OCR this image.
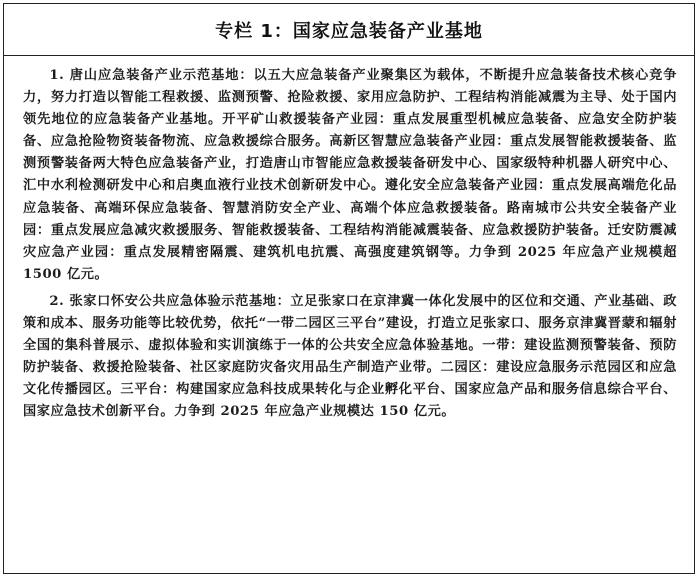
专栏 1：国家应急装备产业基地

1. 唐山应急装备产业示范基地：以五大应急装备产业聚集区为载体，不断提升应急装备技术核心竞争力，努力打造以智能工程救援、监测预警、抢险救援、家用应急防护、工程结构消能减震为主导、处于国内领先地位的应急装备产业基地。开平矿山救援装备产业园：重点发展重型机械应急装备、应急安全防护装备、应急抢险物资装备物流、应急救援综合服务。高新区智慧应急装备产业园：重点发展智能救援装备、监测预警装备两大特色应急装备产业，打造唐山市智能应急救援装备研发中心、国家级特种机器人研究中心、汇中水利检测研发中心和启奥血液行业技术创新研发中心。遵化安全应急装备产业园：重点发展高端危化品应急装备、高端环保应急装备、智慧消防安全产业、高端个体应急救援装备。路南城市公共安全装备产业园：重点发展应急减灾救援服务、智能救援装备、工程结构消能减震装备、应急救援防护装备。迁安防震减灾应急产业园：重点发展精密隔震、建筑机电抗震、高强度建筑钢等。力争到 2025 年应急产业规模超 1500 亿元。

2. 张家口怀安公共应急体验示范基地：立足张家口在京津冀一体化发展中的区位和交通、产业基础、政策和成本、服务功能等比较优势，依托“一带二园区三平台”建设，打造立足张家口、服务京津冀晋蒙和辐射全国的集科普展示、虚拟体验和实训演练于一体的公共安全应急体验基地。一带：建设监测预警装备、预防防护装备、救援抢险装备、社区家庭防灾备灾用品生产制造产业带。二园区：建设应急服务示范园区和应急文化传播园区。三平台：构建国家应急科技成果转化与企业孵化平台、国家应急产品和服务信息综合平台、国家应急技术创新平台。力争到 2025 年应急产业规模达 150 亿元。
